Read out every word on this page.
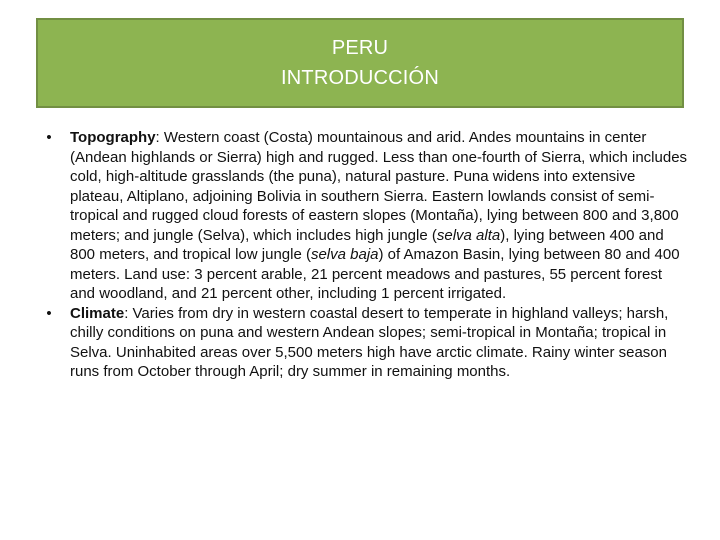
PERU
INTRODUCCIÓN
• Topography: Western coast (Costa) mountainous and arid. Andes mountains in center (Andean highlands or Sierra) high and rugged. Less than one-fourth of Sierra, which includes cold, high-altitude grasslands (the puna), natural pasture. Puna widens into extensive plateau, Altiplano, adjoining Bolivia in southern Sierra. Eastern lowlands consist of semi-tropical and rugged cloud forests of eastern slopes (Montaña), lying between 800 and 3,800 meters; and jungle (Selva), which includes high jungle (selva alta), lying between 400 and 800 meters, and tropical low jungle (selva baja) of Amazon Basin, lying between 80 and 400 meters. Land use: 3 percent arable, 21 percent meadows and pastures, 55 percent forest and woodland, and 21 percent other, including 1 percent irrigated.
• Climate: Varies from dry in western coastal desert to temperate in highland valleys; harsh, chilly conditions on puna and western Andean slopes; semi-tropical in Montaña; tropical in Selva. Uninhabited areas over 5,500 meters high have arctic climate. Rainy winter season runs from October through April; dry summer in remaining months.
